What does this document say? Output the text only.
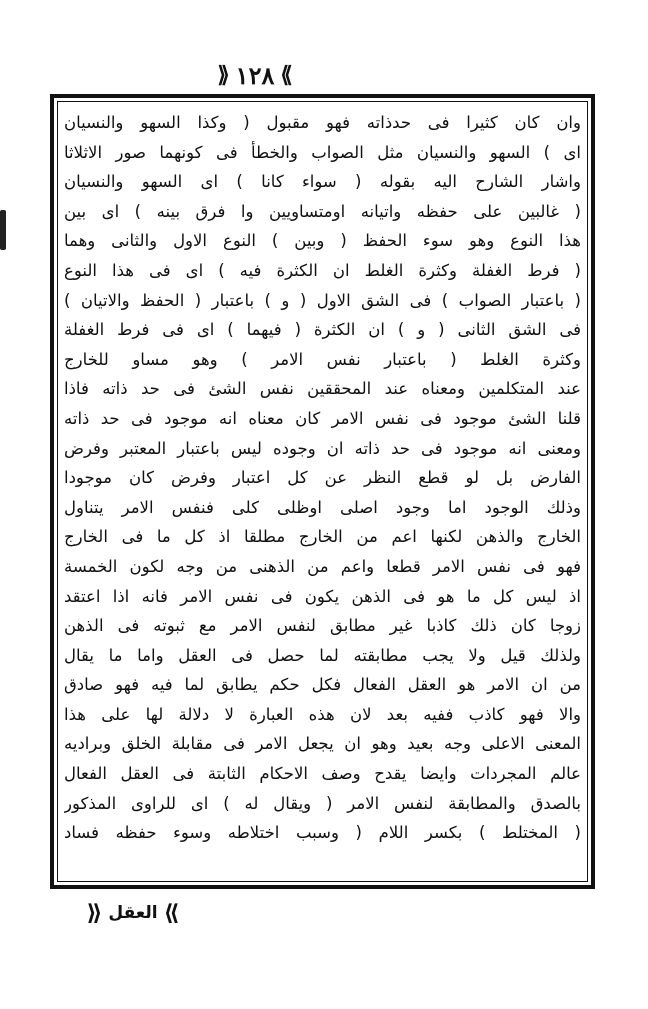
⟫
١٢٨
⟪
وان كان كثيرا فى حدذاته فهو مقبول ( وكذا السهو والنسيان
اى ) السهو والنسيان مثل الصواب والخطأ فى كونهما صور الاثلاثا
واشار الشارح اليه بقوله ( سواء كانا ) اى السهو والنسيان
( غالبين على حفظه واتيانه اومتساويين وا فرق بينه ) اى بين
هذا النوع وهو سوء الحفظ ( وبين ) النوع الاول والثانى وهما
( فرط الغفلة وكثرة الغلط ان الكثرة فيه ) اى فى هذا النوع
( باعتبار الصواب ) فى الشق الاول ( و ) باعتبار ( الحفظ والاتيان )
فى الشق الثانى ( و ) ان الكثرة ( فيهما ) اى فى فرط الغفلة
وكثرة الغلط ( باعتبار نفس الامر ) وهو مساو للخارج
عند المتكلمين ومعناه عند المحققين نفس الشئ فى حد ذاته فاذا
قلنا الشئ موجود فى نفس الامر كان معناه انه موجود فى حد ذاته
ومعنى انه موجود فى حد ذاته ان وجوده ليس باعتبار المعتبر وفرض
الفارض بل لو قطع النظر عن كل اعتبار وفرض كان موجودا
وذلك الوجود اما وجود اصلى اوظلى كلى فنفس الامر يتناول
الخارج والذهن لكنها اعم من الخارج مطلقا اذ كل ما فى الخارج
فهو فى نفس الامر قطعا واعم من الذهنى من وجه لكون الخمسة
اذ ليس كل ما هو فى الذهن يكون فى نفس الامر فانه اذا اعتقد
زوجا كان ذلك كاذبا غير مطابق لنفس الامر مع ثبوته فى الذهن
ولذلك قيل ولا يجب مطابقته لما حصل فى العقل واما ما يقال
من ان الامر هو العقل الفعال فكل حكم يطابق لما فيه فهو صادق
والا فهو كاذب ففيه بعد لان هذه العبارة لا دلالة لها على هذا
المعنى الاعلى وجه بعيد وهو ان يجعل الامر فى مقابلة الخلق وبراديه
عالم المجردات وايضا يقدح وصف الاحكام الثابتة فى العقل الفعال
بالصدق والمطابقة لنفس الامر ( ويقال له ) اى للراوى المذكور
( المختلط ) بكسر اللام ( وسبب اختلاطه وسوء حفظه فساد
⟫
العقل
⟪
